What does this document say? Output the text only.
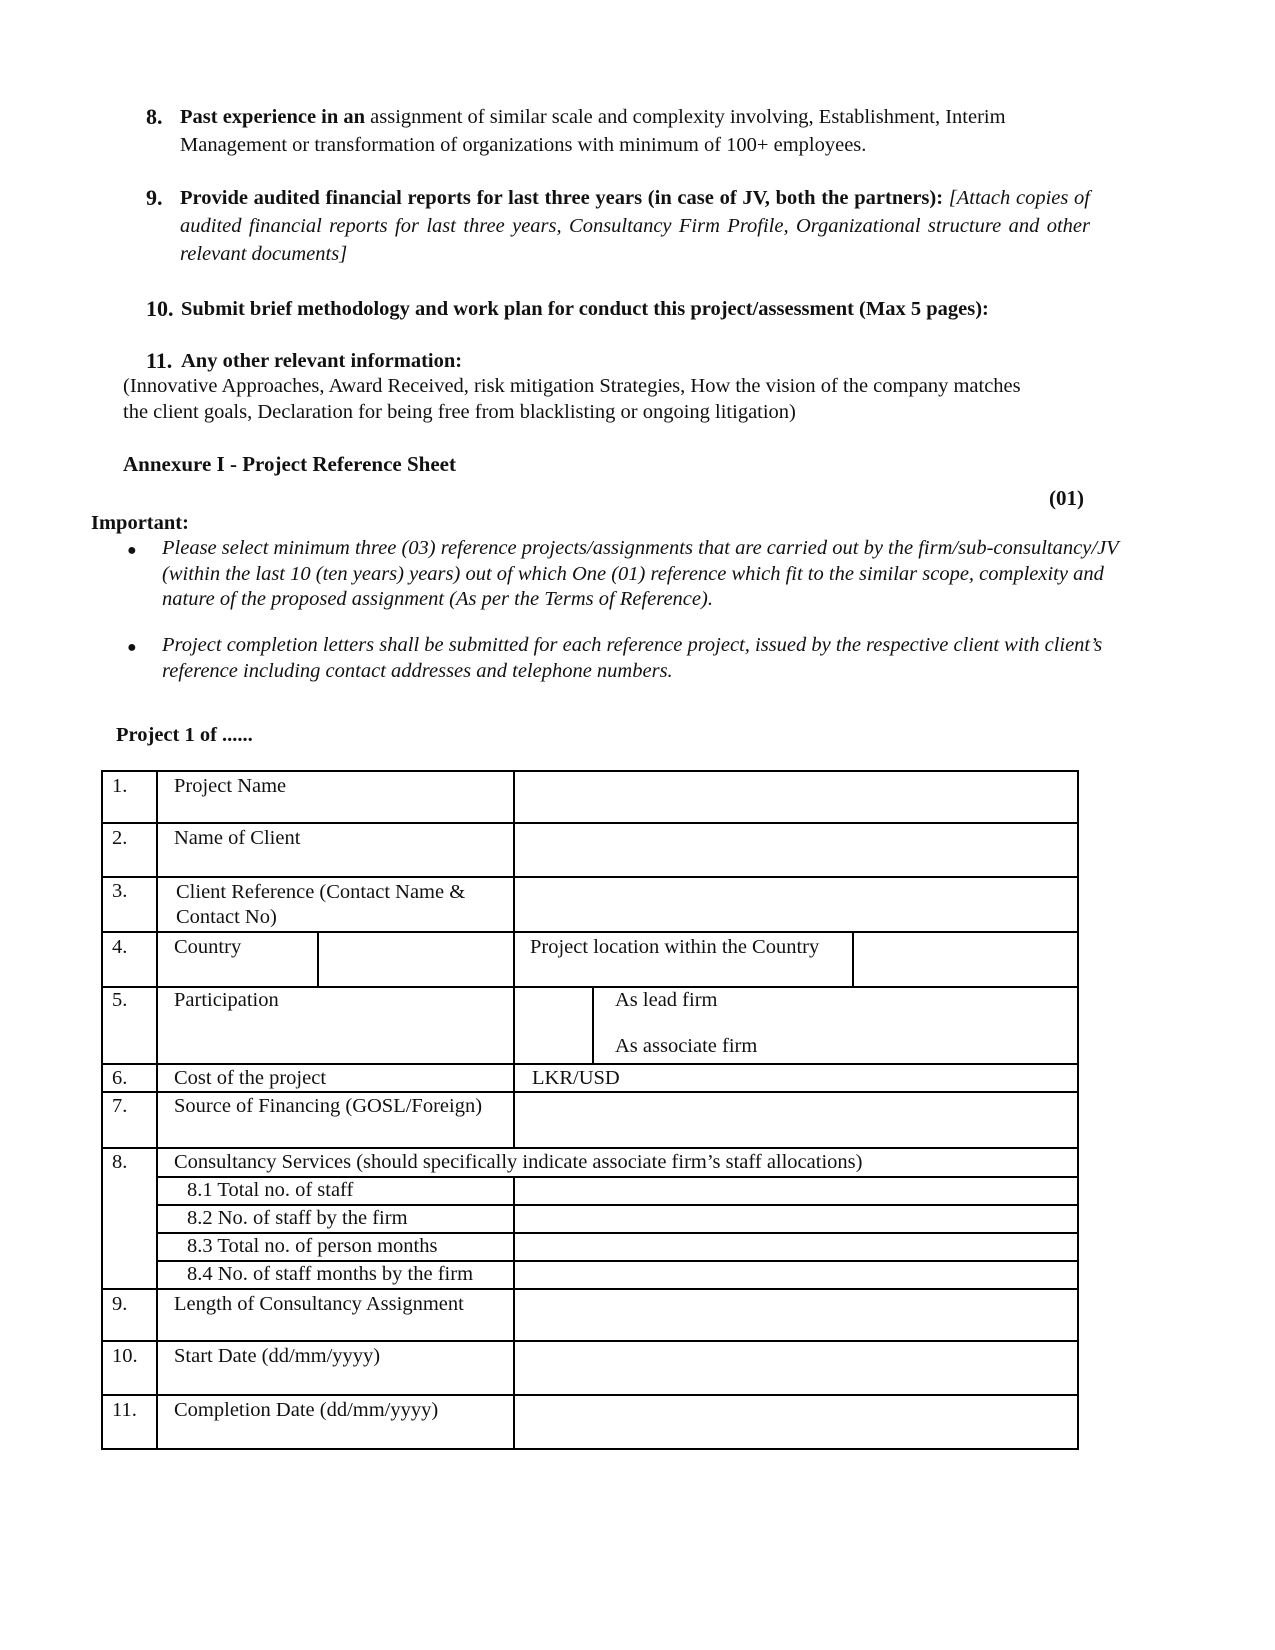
8. Past experience in an assignment of similar scale and complexity involving, Establishment, Interim Management or transformation of organizations with minimum of 100+ employees.
9. Provide audited financial reports for last three years (in case of JV, both the partners): [Attach copies of audited financial reports for last three years, Consultancy Firm Profile, Organizational structure and other relevant documents]
10. Submit brief methodology and work plan for conduct this project/assessment (Max 5 pages):
11. Any other relevant information:
(Innovative Approaches, Award Received, risk mitigation Strategies, How the vision of the company matches
the client goals, Declaration for being free from blacklisting or ongoing litigation)
Annexure I - Project Reference Sheet
(01)
Important:
● Please select minimum three (03) reference projects/assignments that are carried out by the firm/sub-consultancy/JV (within the last 10 (ten years) years) out of which One (01) reference which fit to the similar scope, complexity and nature of the proposed assignment (As per the Terms of Reference).
● Project completion letters shall be submitted for each reference project, issued by the respective client with client’s reference including contact addresses and telephone numbers.
Project 1 of ......
1. Project Name
2. Name of Client
3. Client Reference (Contact Name &
Contact No)
4. Country	Project location within the Country
5. Participation	As lead firm
As associate firm
6. Cost of the project	LKR/USD
7. Source of Financing (GOSL/Foreign)
8. Consultancy Services (should specifically indicate associate firm’s staff allocations)
8.1 Total no. of staff
8.2 No. of staff by the firm
8.3 Total no. of person months
8.4 No. of staff months by the firm
9. Length of Consultancy Assignment
10. Start Date (dd/mm/yyyy)
11. Completion Date (dd/mm/yyyy)
